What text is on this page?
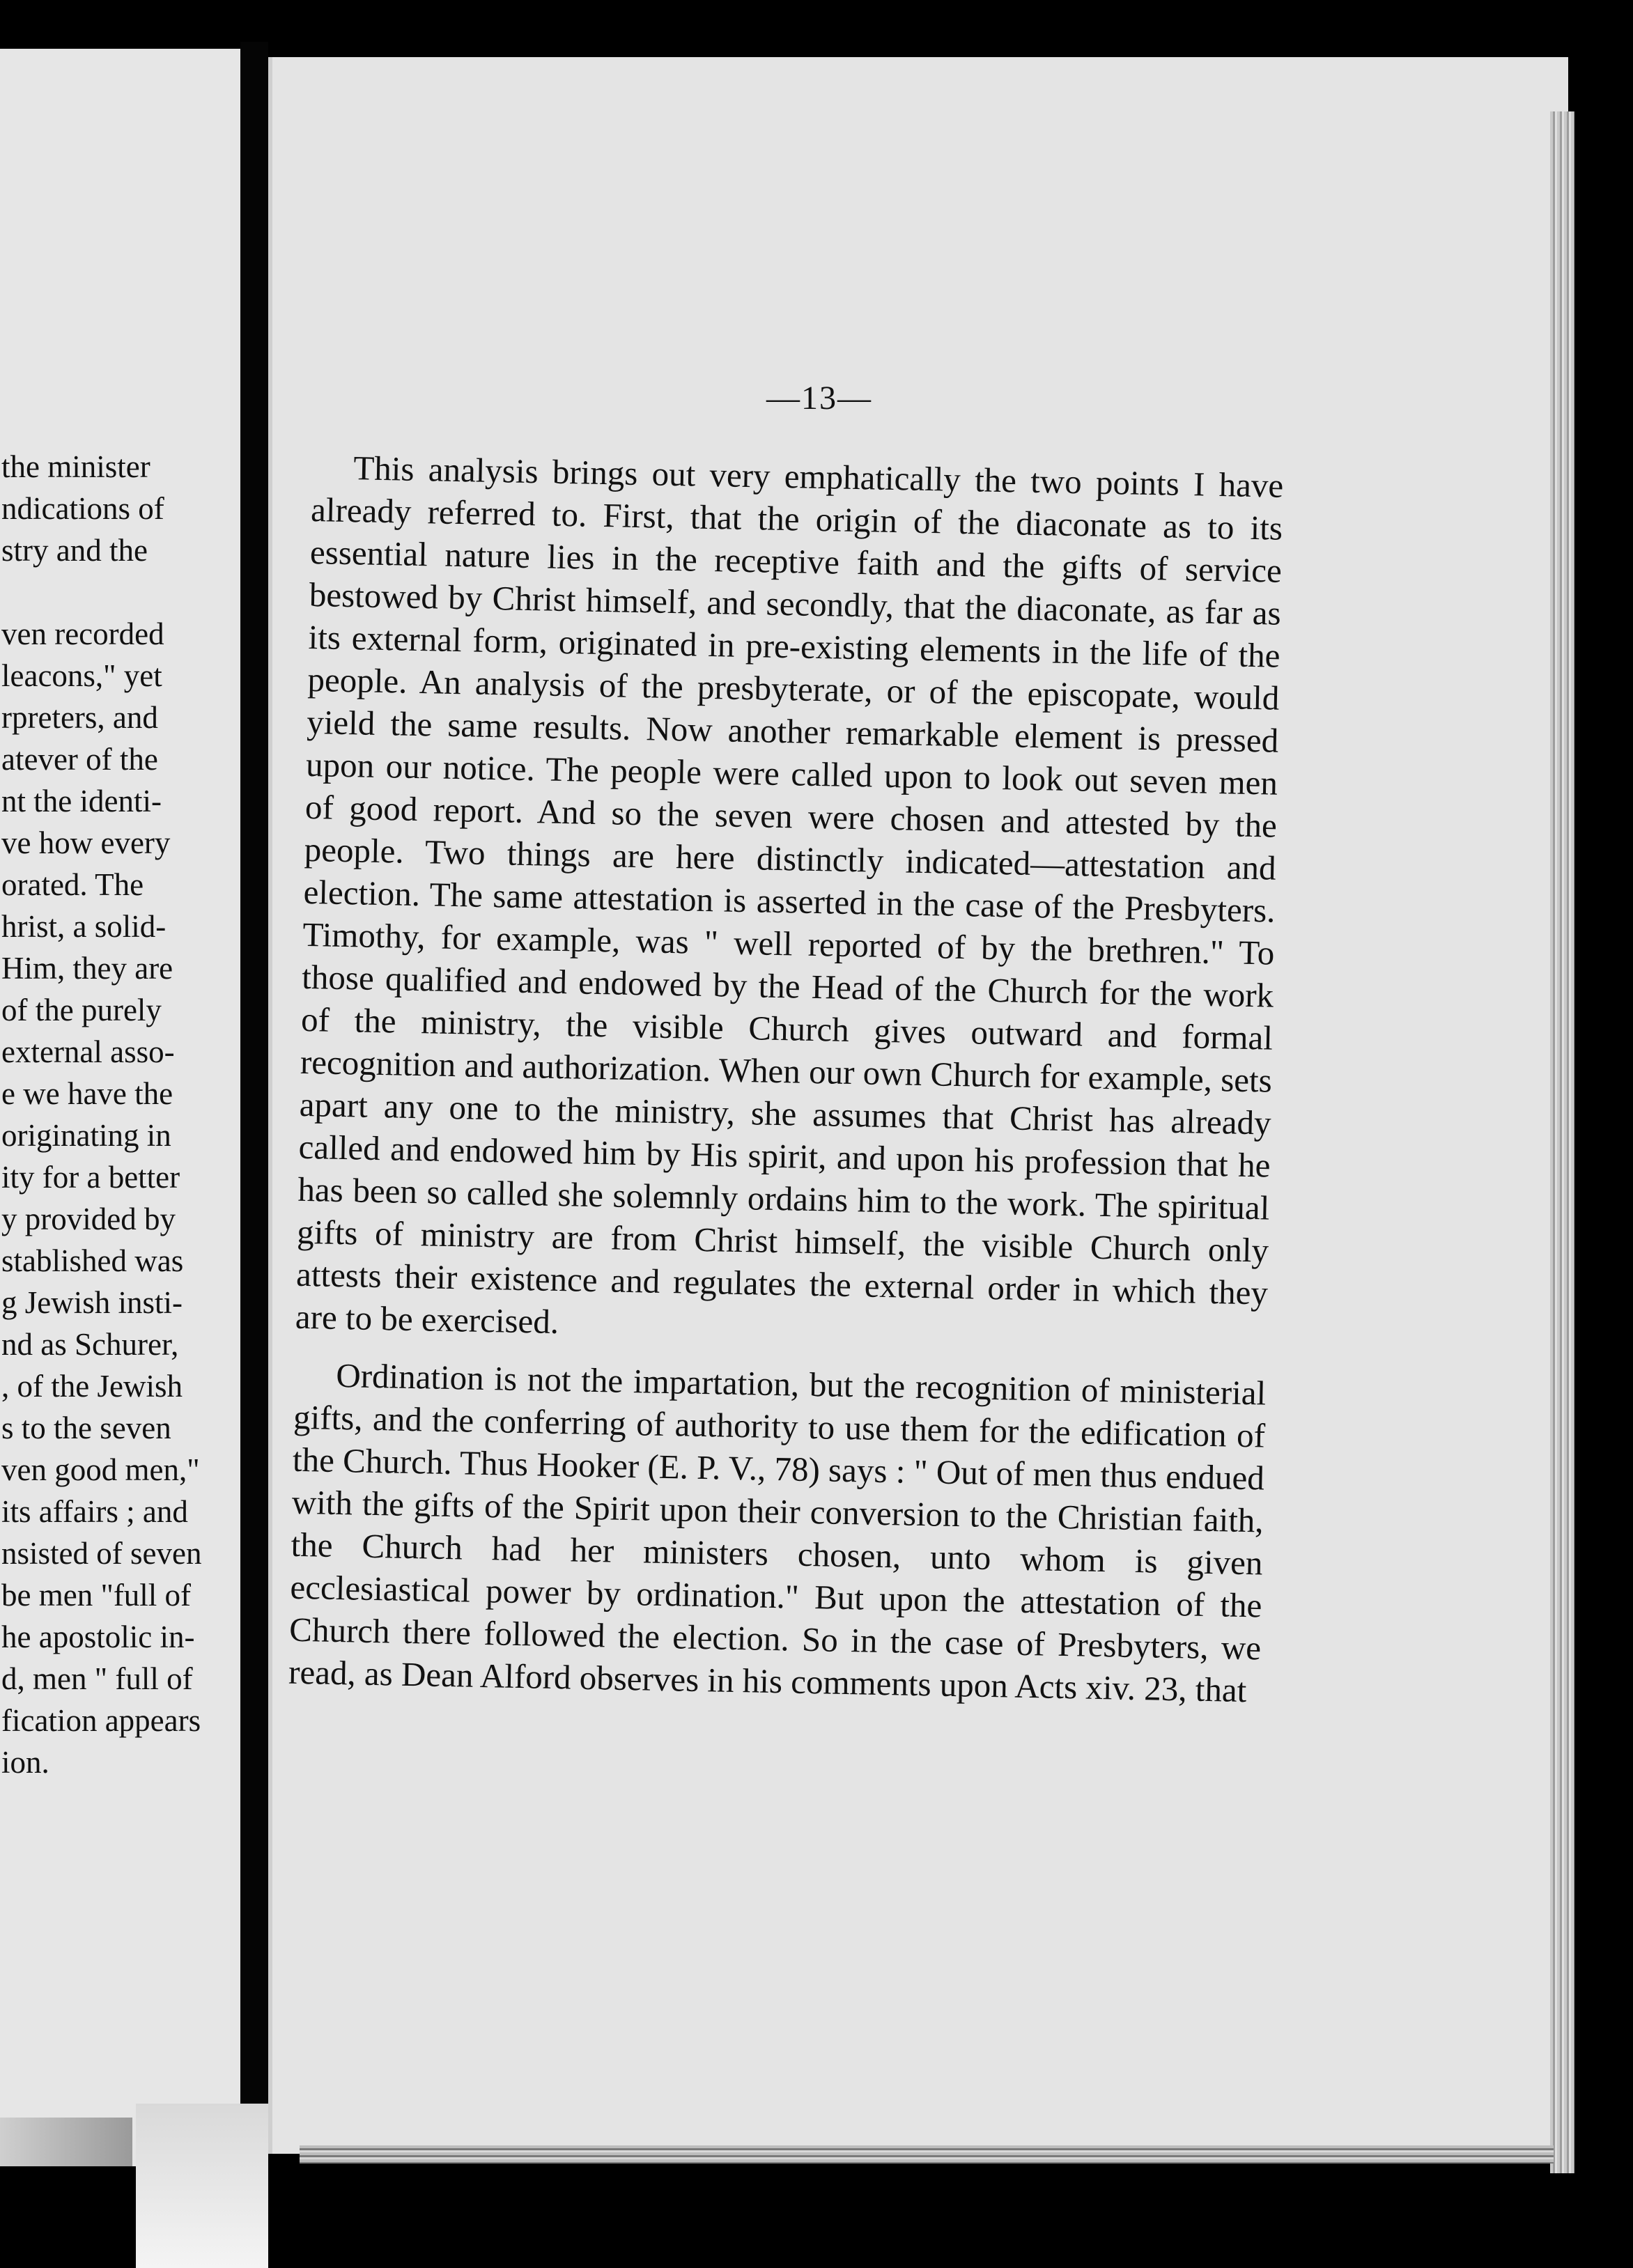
the minister
ndications of
stry and the
ven recorded
leacons," yet
rpreters, and
atever of the
nt the identi-
ve how every
orated. The
hrist, a solid-
Him, they are
of the purely
external asso-
e we have the
originating in
ity for a better
y provided by
stablished was
g Jewish insti-
nd as Schurer,
, of the Jewish
s to the seven
ven good men,"
its affairs ; and
nsisted of seven
be men "full of
he apostolic in-
d, men " full of
fication appears
ion.
—13—

This analysis brings out very emphatically the two points I have already referred to. First, that the origin of the diaconate as to its essential nature lies in the receptive faith and the gifts of service bestowed by Christ himself, and secondly, that the diaconate, as far as its external form, originated in pre-existing elements in the life of the people. An analysis of the presbyterate, or of the episcopate, would yield the same results. Now another remarkable element is pressed upon our notice. The people were called upon to look out seven men of good report. And so the seven were chosen and attested by the people. Two things are here distinctly indicated—attestation and election. The same attestation is asserted in the case of the Presbyters. Timothy, for example, was " well reported of by the brethren." To those qualified and endowed by the Head of the Church for the work of the ministry, the visible Church gives outward and formal recognition and authorization. When our own Church for example, sets apart any one to the ministry, she assumes that Christ has already called and endowed him by His spirit, and upon his profession that he has been so called she solemnly ordains him to the work. The spiritual gifts of ministry are from Christ himself, the visible Church only attests their existence and regulates the external order in which they are to be exercised.

Ordination is not the impartation, but the recognition of ministerial gifts, and the conferring of authority to use them for the edification of the Church. Thus Hooker (E. P. V., 78) says : " Out of men thus endued with the gifts of the Spirit upon their conversion to the Christian faith, the Church had her ministers chosen, unto whom is given ecclesiastical power by ordination." But upon the attestation of the Church there followed the election. So in the case of Presbyters, we read, as Dean Alford observes in his comments upon Acts xiv. 23, that
